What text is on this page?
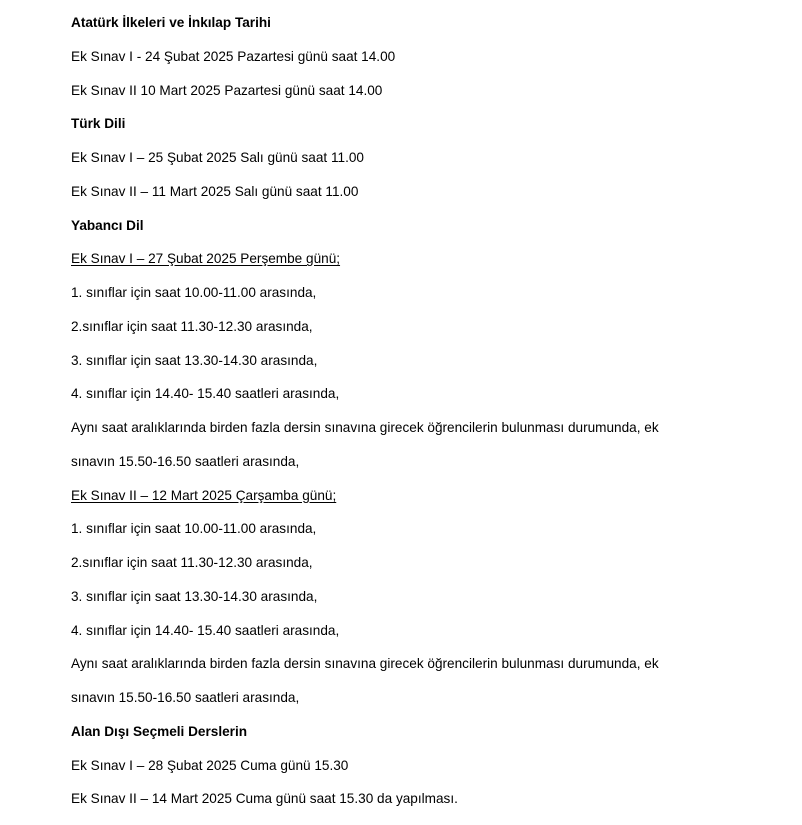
Atatürk İlkeleri ve İnkılap Tarihi
Ek Sınav I - 24 Şubat 2025 Pazartesi günü saat 14.00
Ek Sınav II 10 Mart 2025 Pazartesi günü saat 14.00
Türk Dili
Ek Sınav I – 25 Şubat 2025 Salı günü saat 11.00
Ek Sınav II – 11 Mart 2025 Salı günü saat 11.00
Yabancı Dil
Ek Sınav I – 27 Şubat 2025 Perşembe günü;
1. sınıflar için saat 10.00-11.00 arasında,
2.sınıflar için saat 11.30-12.30 arasında,
3. sınıflar için saat 13.30-14.30 arasında,
4. sınıflar için 14.40- 15.40 saatleri arasında,
Aynı saat aralıklarında birden fazla dersin sınavına girecek öğrencilerin bulunması durumunda, ek
sınavın 15.50-16.50 saatleri arasında,
Ek Sınav II – 12 Mart 2025 Çarşamba günü;
1. sınıflar için saat 10.00-11.00 arasında,
2.sınıflar için saat 11.30-12.30 arasında,
3. sınıflar için saat 13.30-14.30 arasında,
4. sınıflar için 14.40- 15.40 saatleri arasında,
Aynı saat aralıklarında birden fazla dersin sınavına girecek öğrencilerin bulunması durumunda, ek
sınavın 15.50-16.50 saatleri arasında,
Alan Dışı Seçmeli Derslerin
Ek Sınav I – 28 Şubat 2025 Cuma günü 15.30
Ek Sınav II – 14 Mart 2025 Cuma günü saat 15.30 da yapılması.
